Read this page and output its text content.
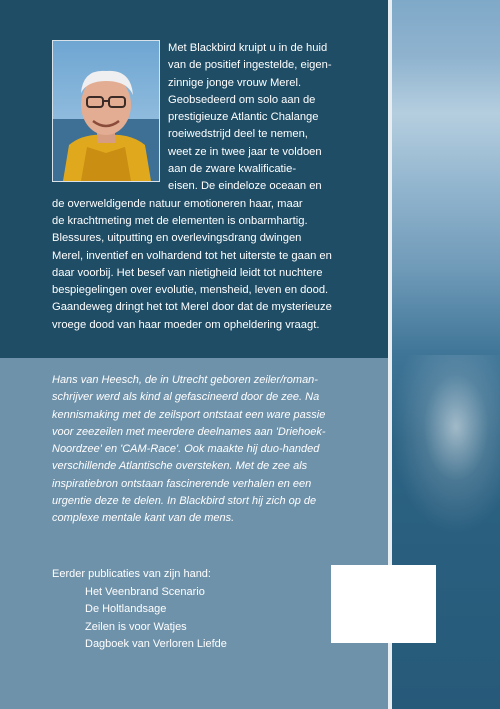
Met Blackbird kruipt u in de huid
van de positief ingestelde, eigen-
zinnige jonge vrouw Merel.
Geobsedeerd om solo aan de
prestigieuze Atlantic Chalange
roeiwedstrijd deel te nemen,
weet ze in twee jaar te voldoen
aan de zware kwalificatie-
eisen. De eindeloze oceaan en
de overweldigende natuur emotioneren haar, maar
de krachtmeting met de elementen is onbarmhartig.
Blessures, uitputting en overlevingsdrang dwingen
Merel, inventief en volhardend tot het uiterste te gaan en
daar voorbij. Het besef van nietigheid leidt tot nuchtere
bespiegelingen over evolutie, mensheid, leven en dood.
Gaandeweg dringt het tot Merel door dat de mysterieuze
vroege dood van haar moeder om opheldering vraagt.
Hans van Heesch, de in Utrecht geboren zeiler/roman-
schrijver werd als kind al gefascineerd door de zee. Na
kennismaking met de zeilsport ontstaat een ware passie
voor zeezeilen met meerdere deelnames aan 'Driehoek-
Noordzee' en 'CAM-Race'. Ook maakte hij duo-handed
verschillende Atlantische oversteken. Met de zee als
inspiratiebron ontstaan fascinerende verhalen en een
urgentie deze te delen. In Blackbird stort hij zich op de
complexe mentale kant van de mens.
Eerder publicaties van zijn hand:
Het Veenbrand Scenario
De Holtlandsage
Zeilen is voor Watjes
Dagboek van Verloren Liefde
